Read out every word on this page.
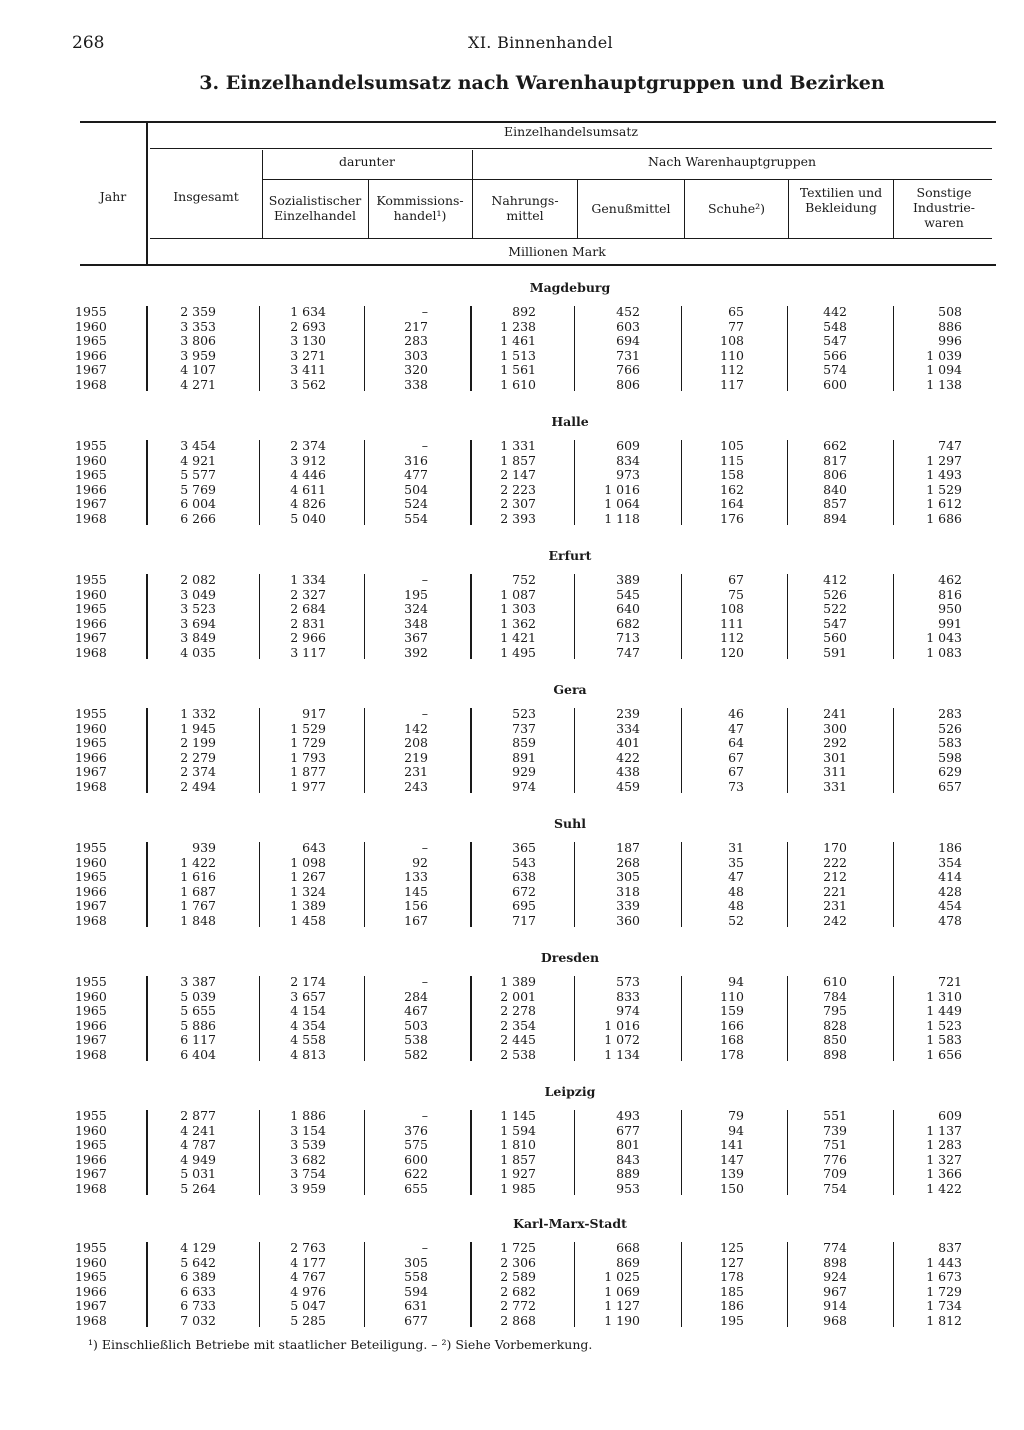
268	XI. Binnenhandel
3. Einzelhandelsumsatz nach Warenhauptgruppen und Bezirken
Jahr
Einzelhandelsumsatz
Insgesamt
darunter	Nach Warenhauptgruppen
Sozialistischer Einzelhandel
Kommissions-handel¹)
Nahrungs-mittel	Genußmittel	Schuhe²)
Textilien und Bekleidung
Sonstige Industrie-waren
Millionen Mark
Magdeburg
1955	2 359	1 634	–	892	452	65	442	508
1960	3 353	2 693	217	1 238	603	77	548	886
1965	3 806	3 130	283	1 461	694	108	547	996
1966	3 959	3 271	303	1 513	731	110	566	1 039
1967	4 107	3 411	320	1 561	766	112	574	1 094
1968	4 271	3 562	338	1 610	806	117	600	1 138
Halle
1955	3 454	2 374	–	1 331	609	105	662	747
1960	4 921	3 912	316	1 857	834	115	817	1 297
1965	5 577	4 446	477	2 147	973	158	806	1 493
1966	5 769	4 611	504	2 223	1 016	162	840	1 529
1967	6 004	4 826	524	2 307	1 064	164	857	1 612
1968	6 266	5 040	554	2 393	1 118	176	894	1 686
Erfurt
1955	2 082	1 334	–	752	389	67	412	462
1960	3 049	2 327	195	1 087	545	75	526	816
1965	3 523	2 684	324	1 303	640	108	522	950
1966	3 694	2 831	348	1 362	682	111	547	991
1967	3 849	2 966	367	1 421	713	112	560	1 043
1968	4 035	3 117	392	1 495	747	120	591	1 083
Gera
1955	1 332	917	–	523	239	46	241	283
1960	1 945	1 529	142	737	334	47	300	526
1965	2 199	1 729	208	859	401	64	292	583
1966	2 279	1 793	219	891	422	67	301	598
1967	2 374	1 877	231	929	438	67	311	629
1968	2 494	1 977	243	974	459	73	331	657
Suhl
1955	939	643	–	365	187	31	170	186
1960	1 422	1 098	92	543	268	35	222	354
1965	1 616	1 267	133	638	305	47	212	414
1966	1 687	1 324	145	672	318	48	221	428
1967	1 767	1 389	156	695	339	48	231	454
1968	1 848	1 458	167	717	360	52	242	478
Dresden
1955	3 387	2 174	–	1 389	573	94	610	721
1960	5 039	3 657	284	2 001	833	110	784	1 310
1965	5 655	4 154	467	2 278	974	159	795	1 449
1966	5 886	4 354	503	2 354	1 016	166	828	1 523
1967	6 117	4 558	538	2 445	1 072	168	850	1 583
1968	6 404	4 813	582	2 538	1 134	178	898	1 656
Leipzig
1955	2 877	1 886	–	1 145	493	79	551	609
1960	4 241	3 154	376	1 594	677	94	739	1 137
1965	4 787	3 539	575	1 810	801	141	751	1 283
1966	4 949	3 682	600	1 857	843	147	776	1 327
1967	5 031	3 754	622	1 927	889	139	709	1 366
1968	5 264	3 959	655	1 985	953	150	754	1 422
Karl-Marx-Stadt
1955	4 129	2 763	–	1 725	668	125	774	837
1960	5 642	4 177	305	2 306	869	127	898	1 443
1965	6 389	4 767	558	2 589	1 025	178	924	1 673
1966	6 633	4 976	594	2 682	1 069	185	967	1 729
1967	6 733	5 047	631	2 772	1 127	186	914	1 734
1968	7 032	5 285	677	2 868	1 190	195	968	1 812
¹) Einschließlich Betriebe mit staatlicher Beteiligung. – ²) Siehe Vorbemerkung.
